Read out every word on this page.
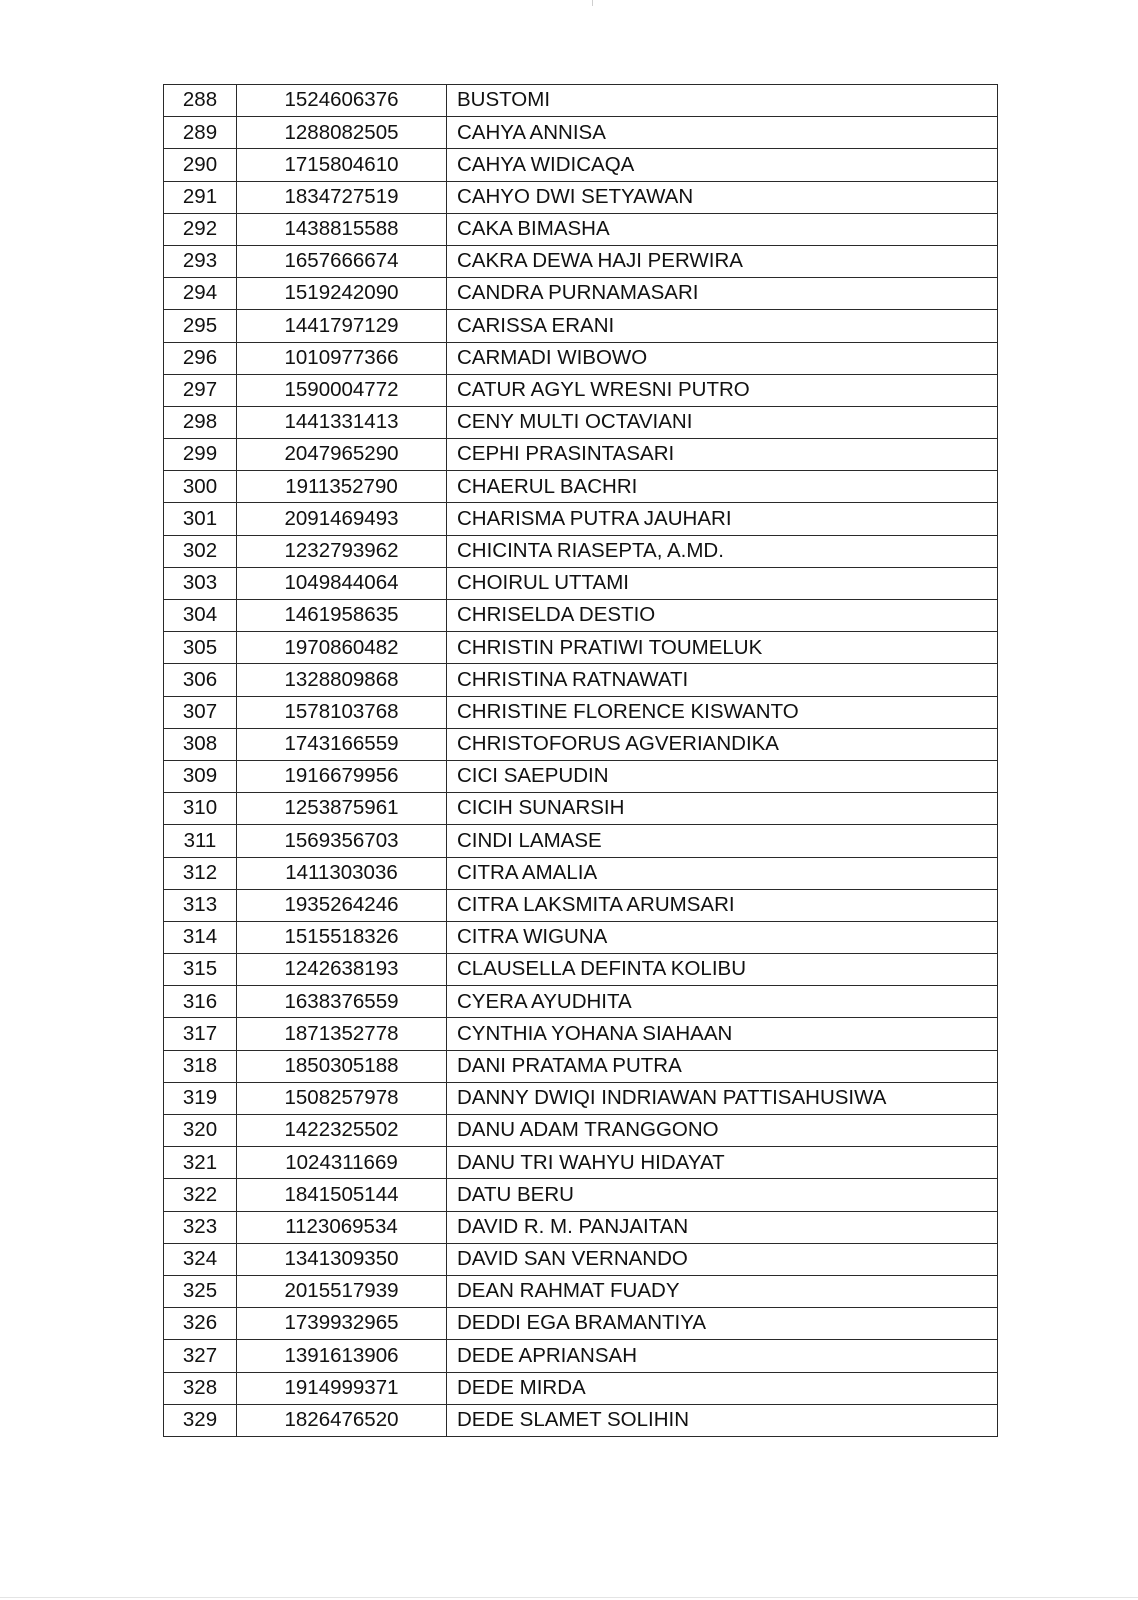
288	1524606376	BUSTOMI
289	1288082505	CAHYA ANNISA
290	1715804610	CAHYA WIDICAQA
291	1834727519	CAHYO DWI SETYAWAN
292	1438815588	CAKA BIMASHA
293	1657666674	CAKRA DEWA HAJI PERWIRA
294	1519242090	CANDRA PURNAMASARI
295	1441797129	CARISSA ERANI
296	1010977366	CARMADI WIBOWO
297	1590004772	CATUR AGYL WRESNI PUTRO
298	1441331413	CENY MULTI OCTAVIANI
299	2047965290	CEPHI PRASINTASARI
300	1911352790	CHAERUL BACHRI
301	2091469493	CHARISMA PUTRA JAUHARI
302	1232793962	CHICINTA RIASEPTA, A.MD.
303	1049844064	CHOIRUL UTTAMI
304	1461958635	CHRISELDA DESTIO
305	1970860482	CHRISTIN PRATIWI TOUMELUK
306	1328809868	CHRISTINA RATNAWATI
307	1578103768	CHRISTINE FLORENCE KISWANTO
308	1743166559	CHRISTOFORUS AGVERIANDIKA
309	1916679956	CICI SAEPUDIN
310	1253875961	CICIH SUNARSIH
311	1569356703	CINDI LAMASE
312	1411303036	CITRA AMALIA
313	1935264246	CITRA LAKSMITA ARUMSARI
314	1515518326	CITRA WIGUNA
315	1242638193	CLAUSELLA DEFINTA KOLIBU
316	1638376559	CYERA AYUDHITA
317	1871352778	CYNTHIA YOHANA SIAHAAN
318	1850305188	DANI PRATAMA PUTRA
319	1508257978	DANNY DWIQI INDRIAWAN PATTISAHUSIWA
320	1422325502	DANU ADAM TRANGGONO
321	1024311669	DANU TRI WAHYU HIDAYAT
322	1841505144	DATU BERU
323	1123069534	DAVID R. M. PANJAITAN
324	1341309350	DAVID SAN VERNANDO
325	2015517939	DEAN RAHMAT FUADY
326	1739932965	DEDDI EGA BRAMANTIYA
327	1391613906	DEDE APRIANSAH
328	1914999371	DEDE MIRDA
329	1826476520	DEDE SLAMET SOLIHIN
